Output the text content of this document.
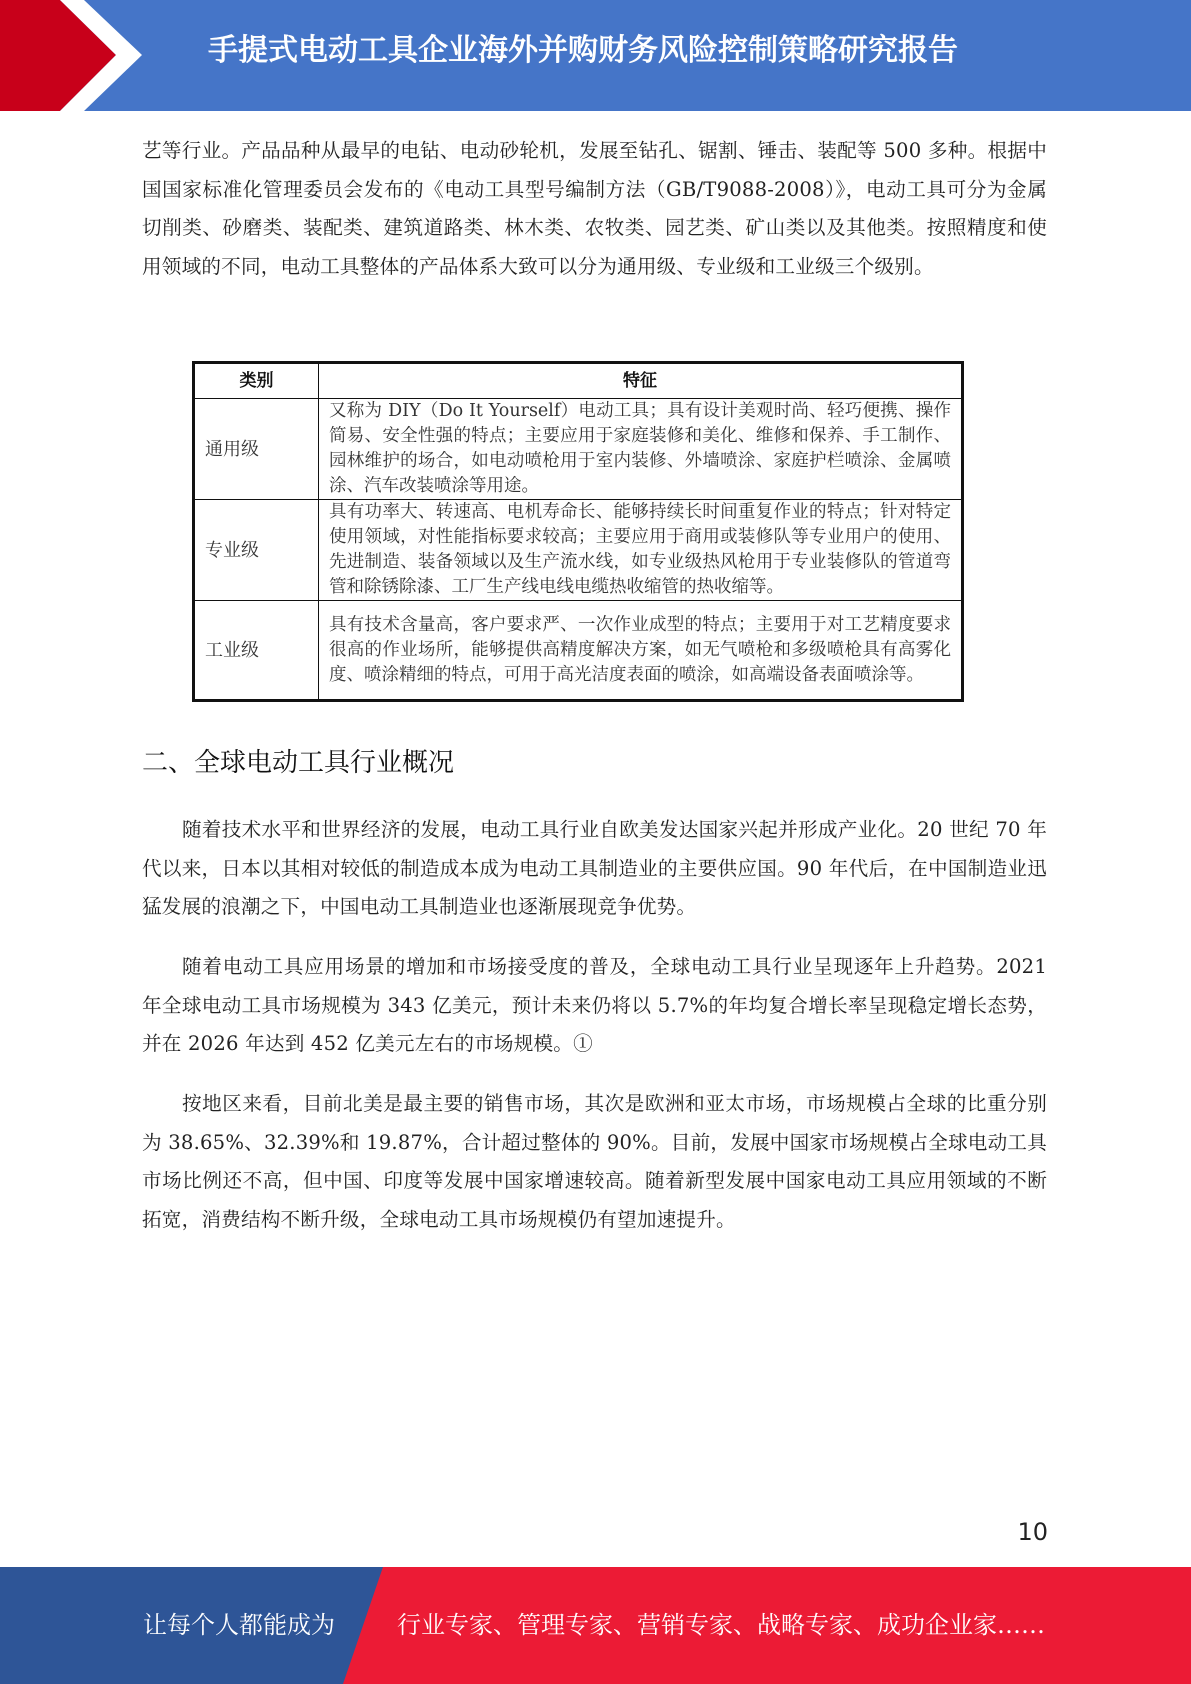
手提式电动工具企业海外并购财务风险控制策略研究报告

艺等行业。产品品种从最早的电钻、电动砂轮机，发展至钻孔、锯割、锤击、装配等 500 多种。根据中国国家标准化管理委员会发布的《电动工具型号编制方法（GB/T9088-2008）》，电动工具可分为金属切削类、砂磨类、装配类、建筑道路类、林木类、农牧类、园艺类、矿山类以及其他类。按照精度和使用领域的不同，电动工具整体的产品体系大致可以分为通用级、专业级和工业级三个级别。

类别	特征
通用级	又称为 DIY（Do It Yourself）电动工具；具有设计美观时尚、轻巧便携、操作简易、安全性强的特点；主要应用于家庭装修和美化、维修和保养、手工制作、园林维护的场合，如电动喷枪用于室内装修、外墙喷涂、家庭护栏喷涂、金属喷涂、汽车改装喷涂等用途。
专业级	具有功率大、转速高、电机寿命长、能够持续长时间重复作业的特点；针对特定使用领域，对性能指标要求较高；主要应用于商用或装修队等专业用户的使用、先进制造、装备领域以及生产流水线，如专业级热风枪用于专业装修队的管道弯管和除锈除漆、工厂生产线电线电缆热收缩管的热收缩等。
工业级	具有技术含量高，客户要求严、一次作业成型的特点；主要用于对工艺精度要求很高的作业场所，能够提供高精度解决方案，如无气喷枪和多级喷枪具有高雾化度、喷涂精细的特点，可用于高光洁度表面的喷涂，如高端设备表面喷涂等。
二、全球电动工具行业概况

随着技术水平和世界经济的发展，电动工具行业自欧美发达国家兴起并形成产业化。20 世纪 70 年代以来，日本以其相对较低的制造成本成为电动工具制造业的主要供应国。90 年代后，在中国制造业迅猛发展的浪潮之下，中国电动工具制造业也逐渐展现竞争优势。

随着电动工具应用场景的增加和市场接受度的普及，全球电动工具行业呈现逐年上升趋势。2021 年全球电动工具市场规模为 343 亿美元，预计未来仍将以 5.7%的年均复合增长率呈现稳定增长态势，并在 2026 年达到 452 亿美元左右的市场规模。①

按地区来看，目前北美是最主要的销售市场，其次是欧洲和亚太市场，市场规模占全球的比重分别为 38.65%、32.39%和 19.87%，合计超过整体的 90%。目前，发展中国家市场规模占全球电动工具市场比例还不高，但中国、印度等发展中国家增速较高。随着新型发展中国家电动工具应用领域的不断拓宽，消费结构不断升级，全球电动工具市场规模仍有望加速提升。

10
让每个人都能成为	行业专家、管理专家、营销专家、战略专家、成功企业家……
